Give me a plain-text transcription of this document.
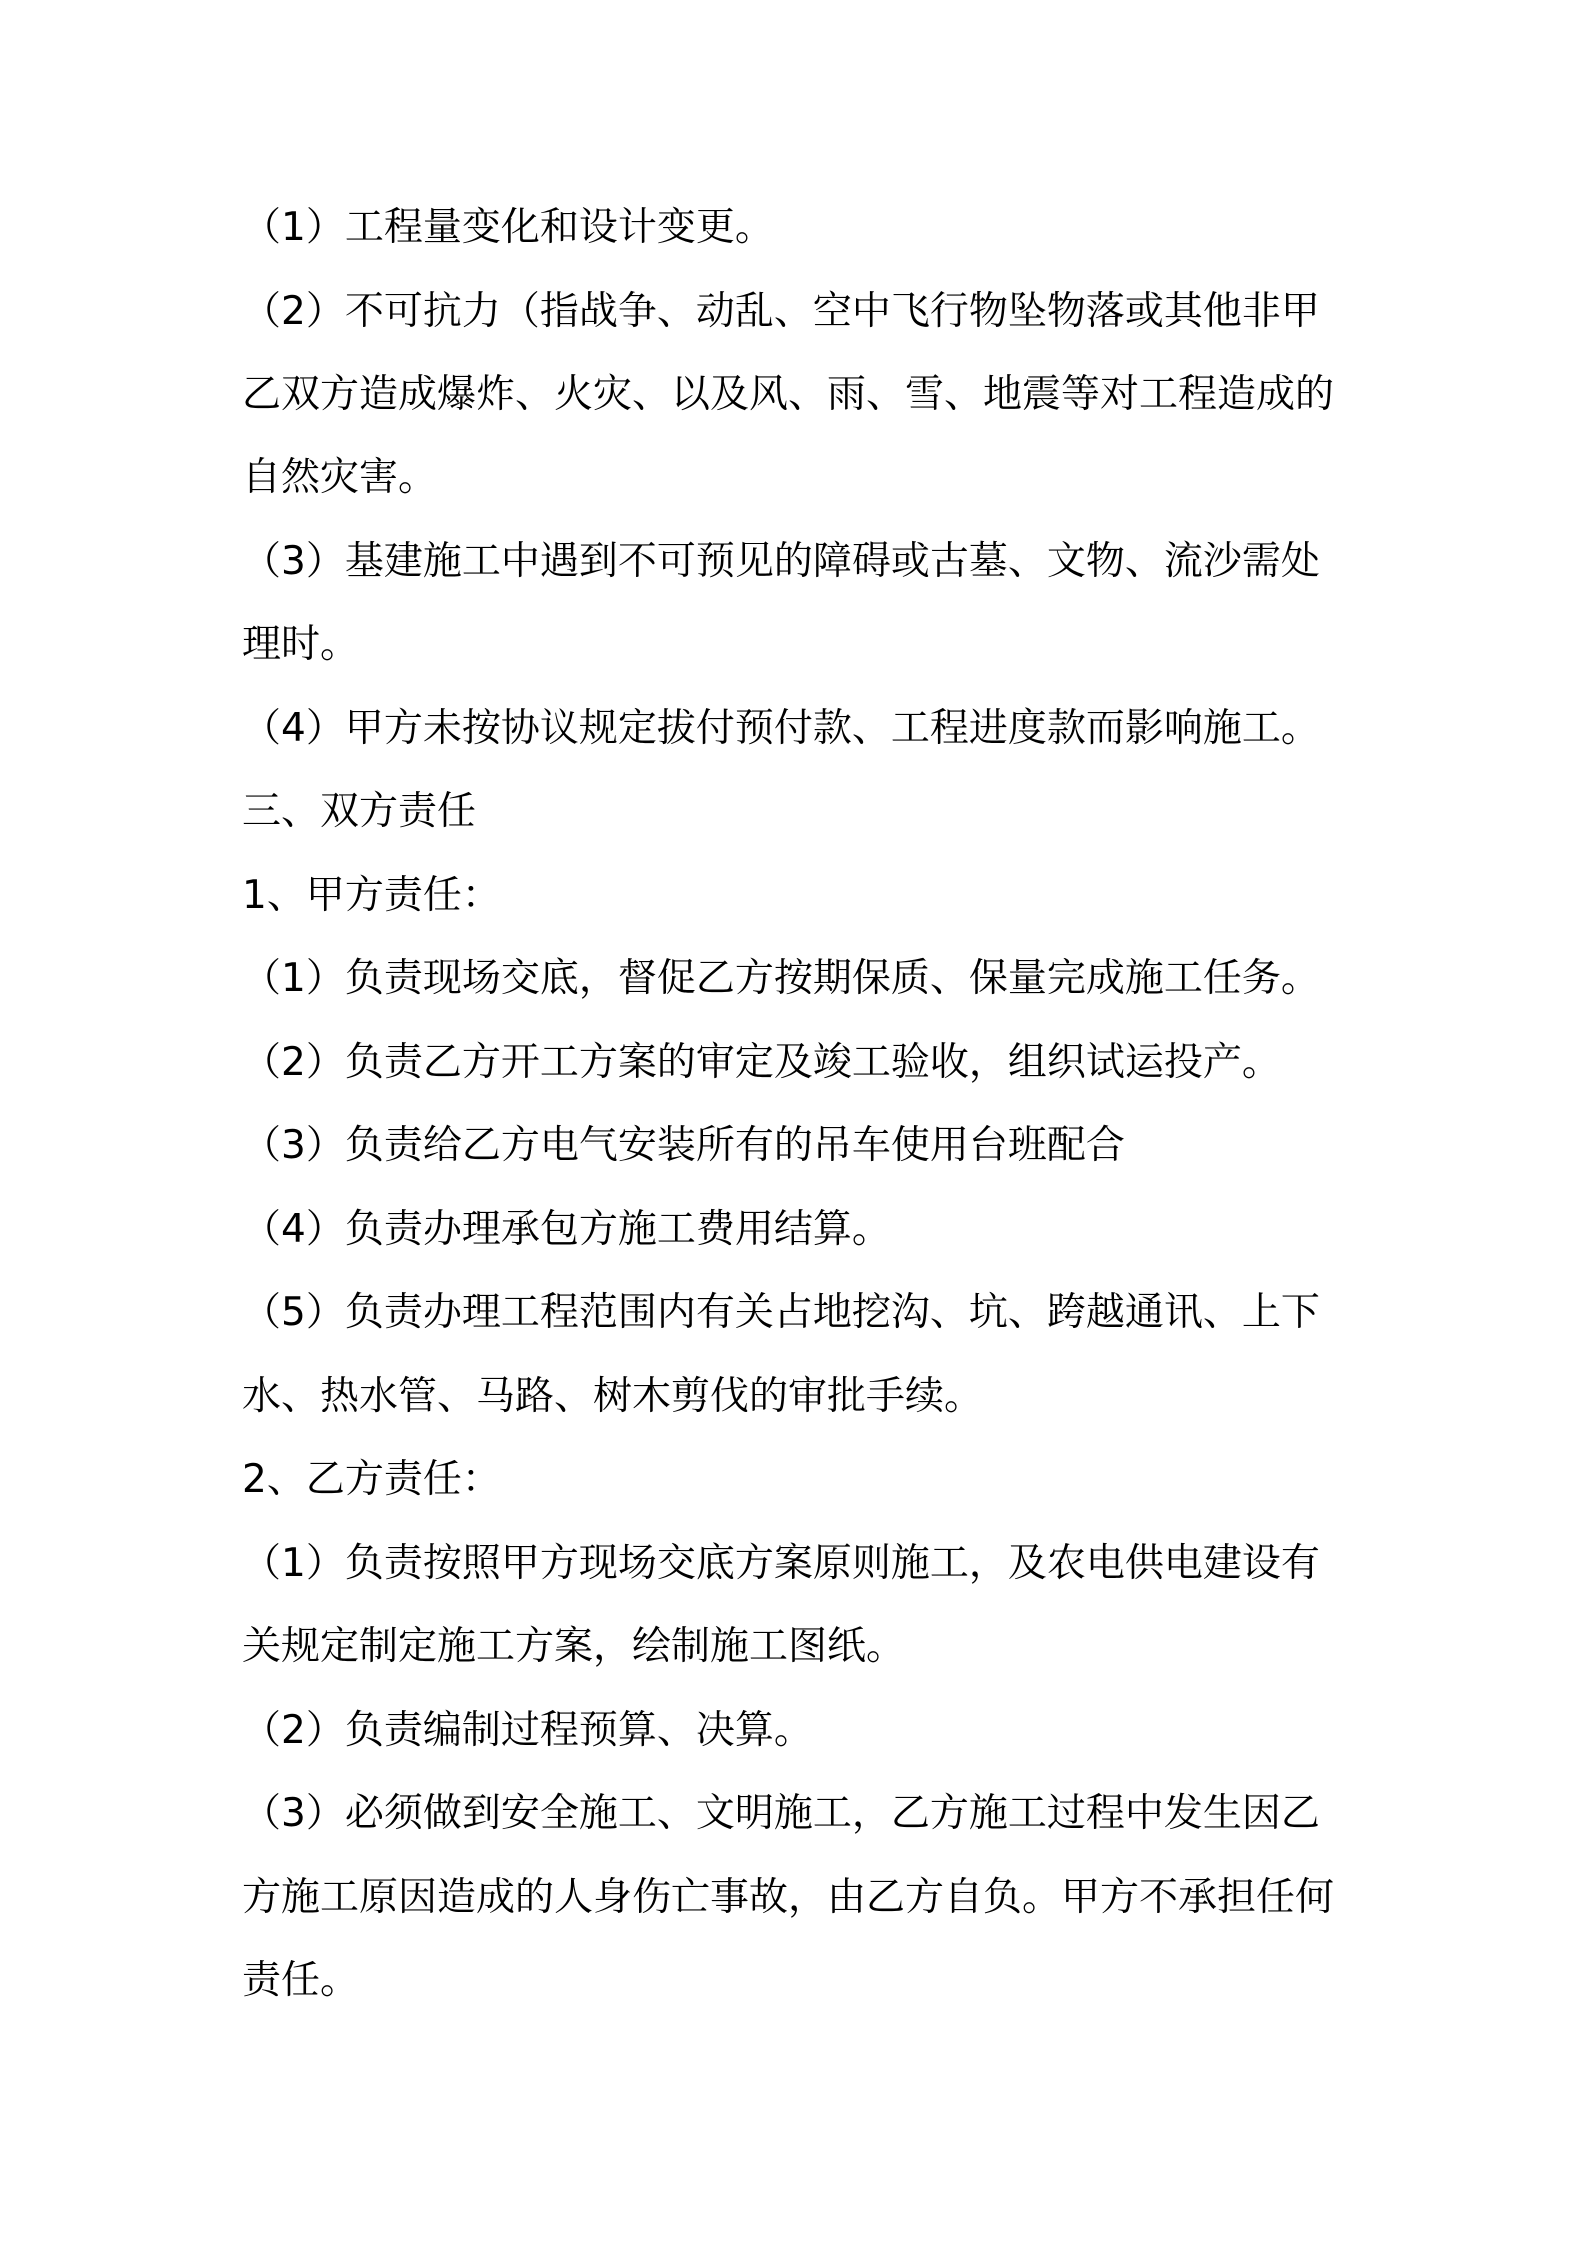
（1）工程量变化和设计变更。
（2）不可抗力（指战争、动乱、空中飞行物坠物落或其他非甲
乙双方造成爆炸、火灾、以及风、雨、雪、地震等对工程造成的
自然灾害。
（3）基建施工中遇到不可预见的障碍或古墓、文物、流沙需处
理时。
（4）甲方未按协议规定拔付预付款、工程进度款而影响施工。
三、双方责任
1、甲方责任：
（1）负责现场交底，督促乙方按期保质、保量完成施工任务。
（2）负责乙方开工方案的审定及竣工验收，组织试运投产。
（3）负责给乙方电气安装所有的吊车使用台班配合
（4）负责办理承包方施工费用结算。
（5）负责办理工程范围内有关占地挖沟、坑、跨越通讯、上下
水、热水管、马路、树木剪伐的审批手续。
2、乙方责任：
（1）负责按照甲方现场交底方案原则施工，及农电供电建设有
关规定制定施工方案，绘制施工图纸。
（2）负责编制过程预算、决算。
（3）必须做到安全施工、文明施工，乙方施工过程中发生因乙
方施工原因造成的人身伤亡事故，由乙方自负。甲方不承担任何
责任。
